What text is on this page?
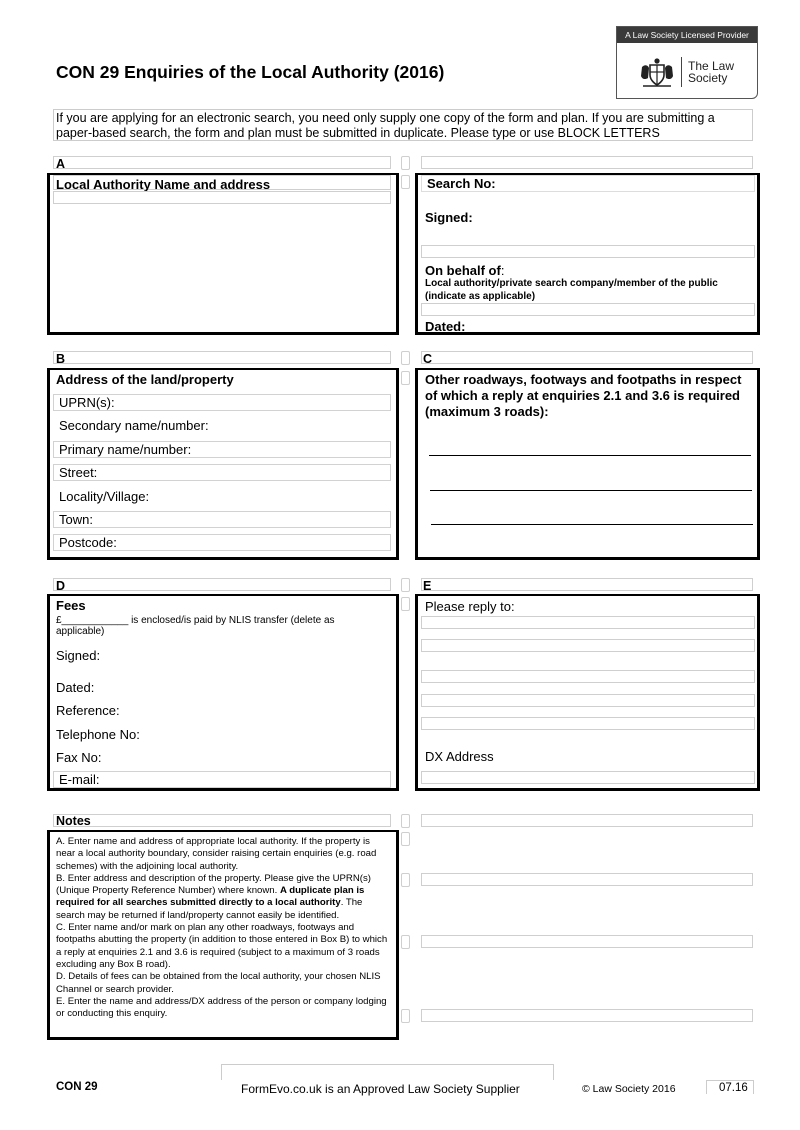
CON 29 Enquiries of the Local Authority (2016)
A Law Society Licensed Provider
The Law
Society
If you are applying for an electronic search, you need only supply one copy of the form and plan. If you are submitting a paper-based search, the form and plan must be submitted in duplicate. Please type or use BLOCK LETTERS
A
Local Authority Name and address	Search No:
Signed:
On behalf of:
Local authority/private search company/member of the public
(indicate as applicable)
Dated:
B	C
Address of the land/property
UPRN(s):
Secondary name/number:
Primary name/number:
Street:
Locality/Village:
Town:
Postcode:
Other roadways, footways and footpaths in respect
of which a reply at enquiries 2.1 and 3.6 is required
(maximum 3 roads):
D	E
Fees
£____________ is enclosed/is paid by NLIS transfer (delete as
applicable)
Signed:
Dated:
Reference:
Telephone No:
Fax No:
E-mail:
Please reply to:
DX Address
Notes

A. Enter name and address of appropriate local authority. If the property is near a local authority boundary, consider raising certain enquiries (e.g. road schemes) with the adjoining local authority.

B. Enter address and description of the property. Please give the UPRN(s) (Unique Property Reference Number) where known. A duplicate plan is required for all searches submitted directly to a local authority. The search may be returned if land/property cannot easily be identified.

C. Enter name and/or mark on plan any other roadways, footways and footpaths abutting the property (in addition to those entered in Box B) to which a reply at enquiries 2.1 and 3.6 is required (subject to a maximum of 3 roads excluding any Box B road).

D. Details of fees can be obtained from the local authority, your chosen NLIS Channel or search provider.

E. Enter the name and address/DX address of the person or company lodging or conducting this enquiry.

CON 29	FormEvo.co.uk is an Approved Law Society Supplier	© Law Society 2016	07.16
